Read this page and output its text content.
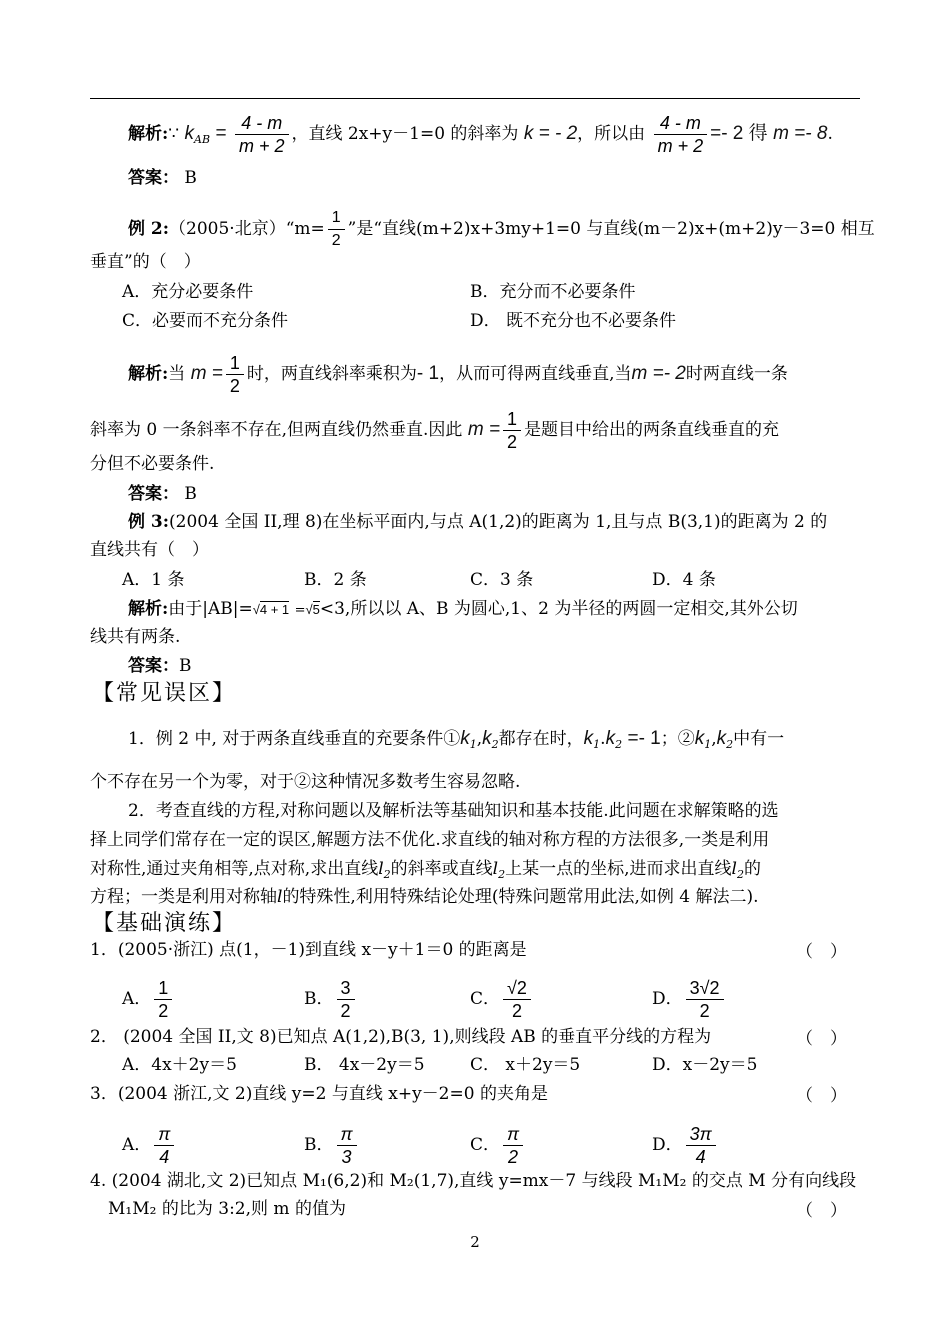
解析:∵ $k_{AB} = \frac{4 - m}{m + 2}$ ，直线 2x+y－1=0 的斜率为 k = - 2，所以由 $\frac{4 - m}{m + 2} =- 2$ 得 m =- 8.
答案： B
例 2:（2005·北京）“m= $\frac{1}{2}$ ”是“直线(m+2)x+3my+1=0 与直线(m－2)x+(m+2)y－3=0 相互
垂直”的（　）
A．充分必要条件	B．充分而不必要条件
C．必要而不充分条件	D． 既不充分也不必要条件
解析:当 $m = \frac{1}{2}$ 时，两直线斜率乘积为- 1，从而可得两直线垂直,当m =- 2时两直线一条
斜率为 0 一条斜率不存在,但两直线仍然垂直.因此 $m = \frac{1}{2}$ 是题目中给出的两条直线垂直的充
分但不必要条件.
答案： B
例 3:(2004 全国 II,理 8)在坐标平面内,与点 A(1,2)的距离为 1,且与点 B(3,1)的距离为 2 的
直线共有（　）
A．1 条	B．2 条	C．3 条	D．4 条
解析:由于|AB|=√4 + 1 =√5<3,所以以 A、B 为圆心,1、2 为半径的两圆一定相交,其外公切
线共有两条.
答案：B
【常见误区】
1．例 2 中, 对于两条直线垂直的充要条件$①k_1,k_2$都存在时，$k_1.k_2 =- 1$；$②k_1,k_2$中有一
个不存在另一个为零，对于②这种情况多数考生容易忽略.
2．考查直线的方程,对称问题以及解析法等基础知识和基本技能.此问题在求解策略的选
择上同学们常存在一定的误区,解题方法不优化.求直线的轴对称方程的方法很多,一类是利用
对称性,通过夹角相等,点对称,求出直线$l_2$的斜率或直线$l_2$上某一点的坐标,进而求出直线$l_2$的
方程；一类是利用对称轴l的特殊性,利用特殊结论处理(特殊问题常用此法,如例 4 解法二).
【基础演练】
1．(2005·浙江) 点(1，－1)到直线 x－y＋1＝0 的距离是	（　）
A． $\frac{1}{2}$	B． $\frac{3}{2}$	C． $\frac{√2}{2}$	D． $\frac{3√2}{2}$
2． (2004 全国 II,文 8)已知点 A(1,2),B(3, 1),则线段 AB 的垂直平分线的方程为	（　）
A．4x＋2y＝5	B． 4x－2y＝5	C． x＋2y＝5	D．x－2y＝5
3．(2004 浙江,文 2)直线 y=2 与直线 x+y－2=0 的夹角是	（　）
A． $\frac{\pi}{4}$	B． $\frac{\pi}{3}$	C． $\frac{\pi}{2}$	D． $\frac{3\pi}{4}$
4. (2004 湖北,文 2)已知点 M₁(6,2)和 M₂(1,7),直线 y=mx－7 与线段 M₁M₂ 的交点 M 分有向线段
M₁M₂ 的比为 3:2,则 m 的值为	（　）
2
